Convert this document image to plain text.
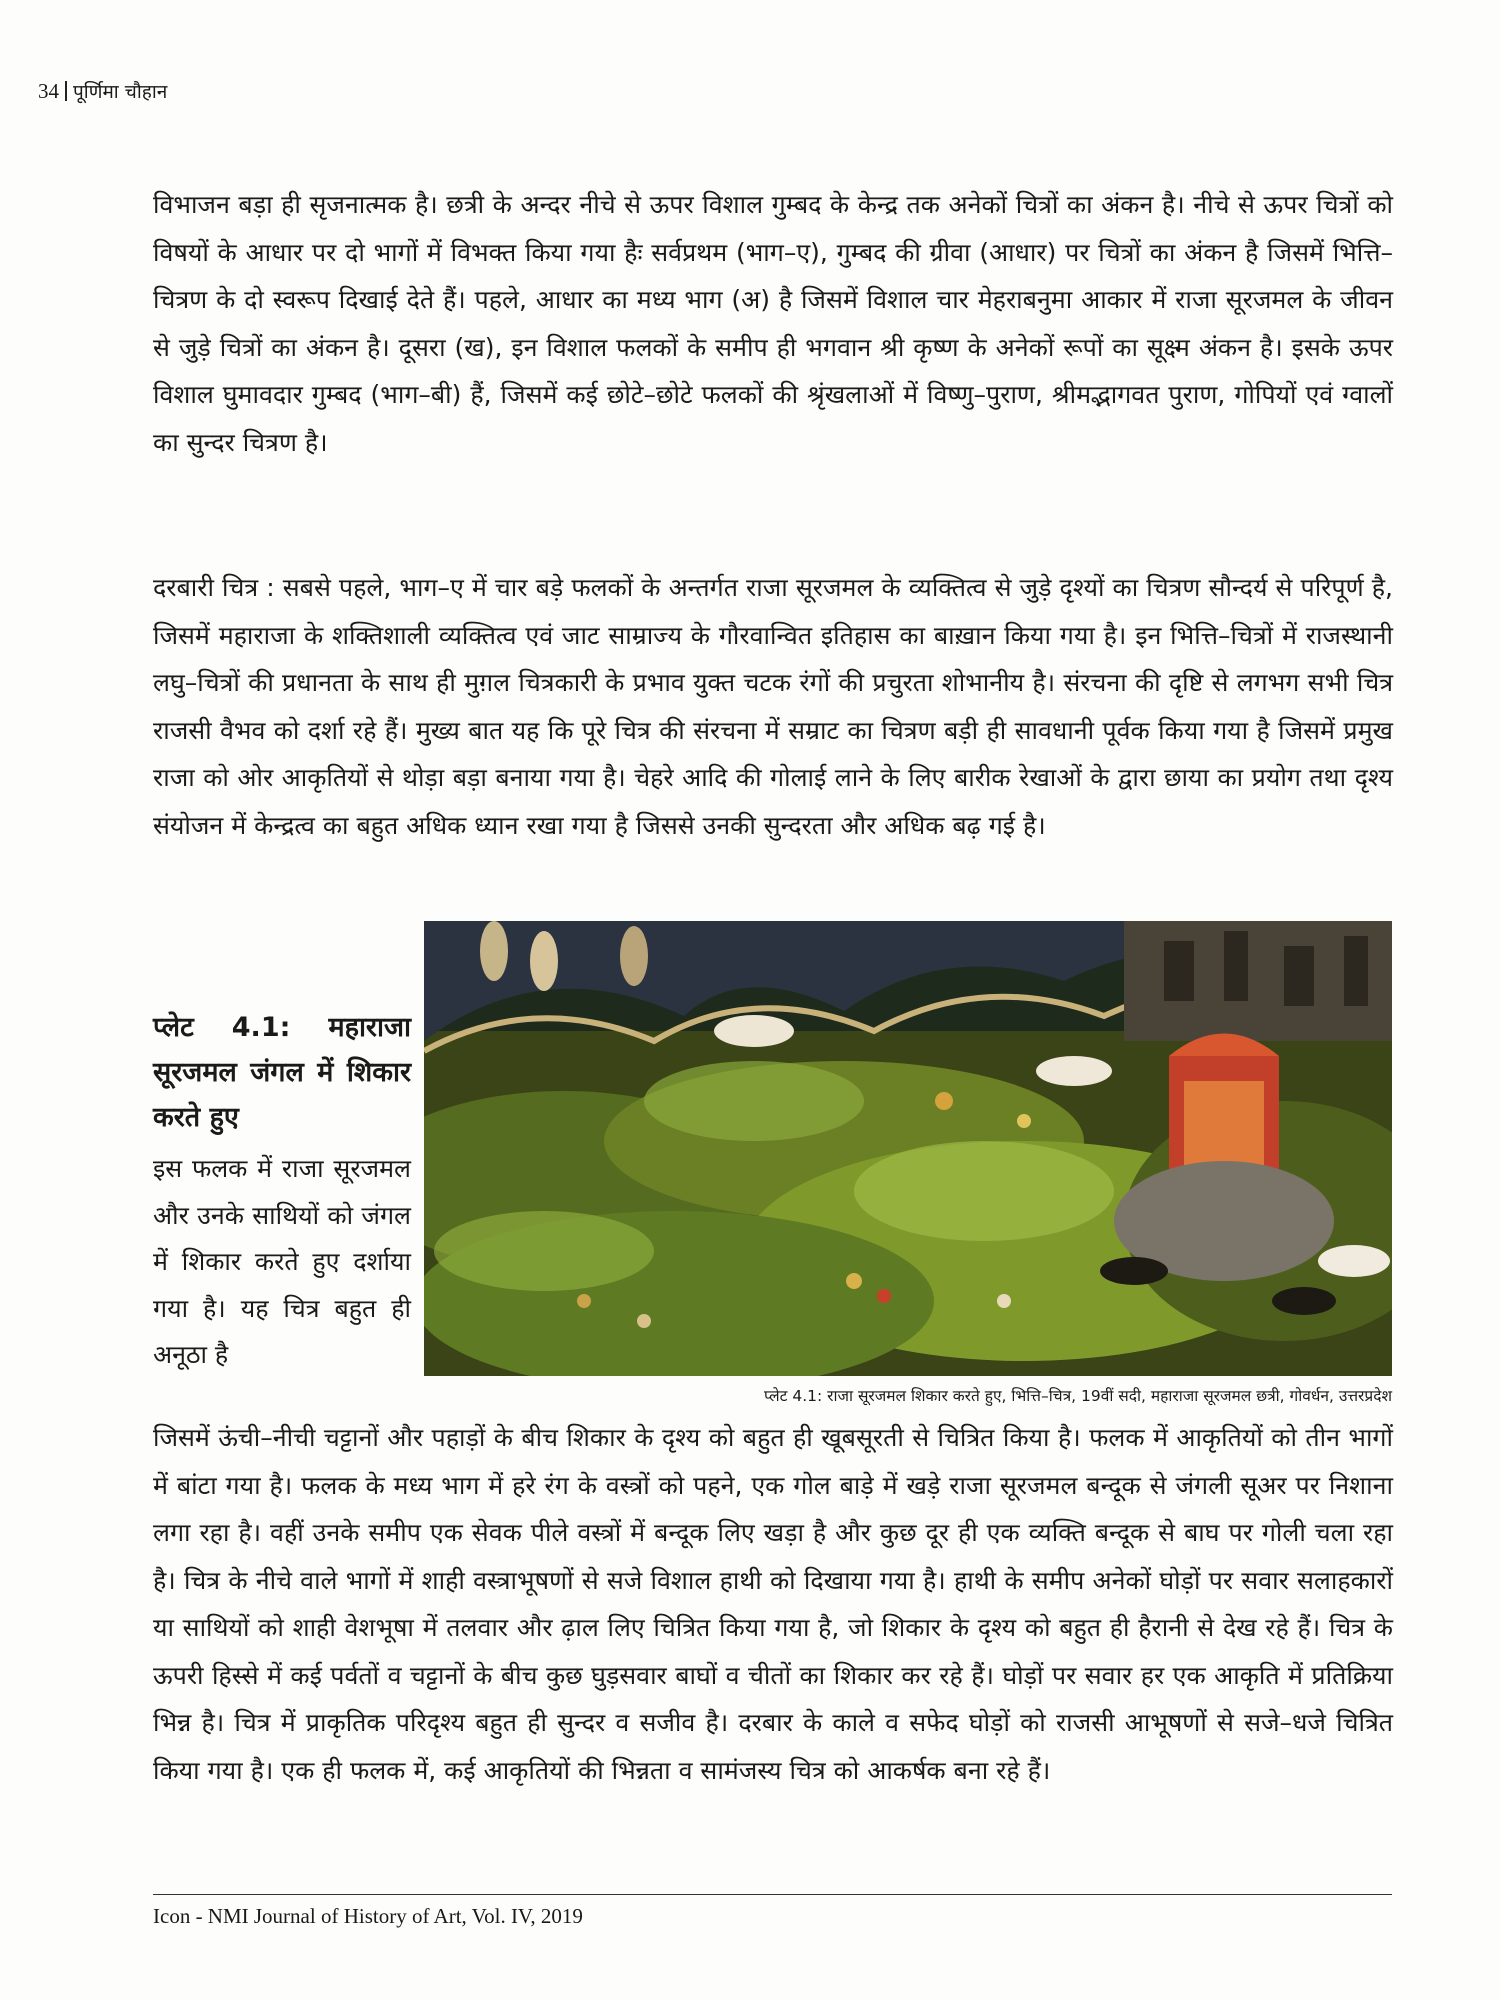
34 पूर्णिमा चौहान

विभाजन बड़ा ही सृजनात्मक है। छत्री के अन्दर नीचे से ऊपर विशाल गुम्बद के केन्द्र तक अनेकों चित्रों का अंकन है। नीचे से ऊपर चित्रों को विषयों के आधार पर दो भागों में विभक्त किया गया हैः सर्वप्रथम (भाग–ए), गुम्बद की ग्रीवा (आधार) पर चित्रों का अंकन है जिसमें भित्ति–चित्रण के दो स्वरूप दिखाई देते हैं। पहले, आधार का मध्य भाग (अ) है जिसमें विशाल चार मेहराबनुमा आकार में राजा सूरजमल के जीवन से जुड़े चित्रों का अंकन है। दूसरा (ख), इन विशाल फलकों के समीप ही भगवान श्री कृष्ण के अनेकों रूपों का सूक्ष्म अंकन है। इसके ऊपर विशाल घुमावदार गुम्बद (भाग–बी) हैं, जिसमें कई छोटे–छोटे फलकों की श्रृंखलाओं में विष्णु–पुराण, श्रीमद्भागवत पुराण, गोपियों एवं ग्वालों का सुन्दर चित्रण है।

दरबारी चित्र : सबसे पहले, भाग–ए में चार बड़े फलकों के अन्तर्गत राजा सूरजमल के व्यक्तित्व से जुड़े दृश्यों का चित्रण सौन्दर्य से परिपूर्ण है, जिसमें महाराजा के शक्तिशाली व्यक्तित्व एवं जाट साम्राज्य के गौरवान्वित इतिहास का बाख़ान किया गया है। इन भित्ति–चित्रों में राजस्थानी लघु–चित्रों की प्रधानता के साथ ही मुग़ल चित्रकारी के प्रभाव युक्त चटक रंगों की प्रचुरता शोभानीय है। संरचना की दृष्टि से लगभग सभी चित्र राजसी वैभव को दर्शा रहे हैं। मुख्य बात यह कि पूरे चित्र की संरचना में सम्राट का चित्रण बड़ी ही सावधानी पूर्वक किया गया है जिसमें प्रमुख राजा को ओर आकृतियों से थोड़ा बड़ा बनाया गया है। चेहरे आदि की गोलाई लाने के लिए बारीक रेखाओं के द्वारा छाया का प्रयोग तथा दृश्य संयोजन में केन्द्रत्व का बहुत अधिक ध्यान रखा गया है जिससे उनकी सुन्दरता और अधिक बढ़ गई है।

प्लेट 4.1: राजा सूरजमल शिकार करते हुए, भित्ति–चित्र, 19वीं सदी, महाराजा सूरजमल छत्री, गोवर्धन, उत्तरप्रदेश

प्लेट 4.1: महाराजा सूरजमल जंगल में शिकार करते हुए

इस फलक में राजा सूरजमल और उनके साथियों को जंगल में शिकार करते हुए दर्शाया गया है। यह चित्र बहुत ही अनूठा है

जिसमें ऊंची–नीची चट्टानों और पहाड़ों के बीच शिकार के दृश्य को बहुत ही खूबसूरती से चित्रित किया है। फलक में आकृतियों को तीन भागों में बांटा गया है। फलक के मध्य भाग में हरे रंग के वस्त्रों को पहने, एक गोल बाड़े में खड़े राजा सूरजमल बन्दूक से जंगली सूअर पर निशाना लगा रहा है। वहीं उनके समीप एक सेवक पीले वस्त्रों में बन्दूक लिए खड़ा है और कुछ दूर ही एक व्यक्ति बन्दूक से बाघ पर गोली चला रहा है। चित्र के नीचे वाले भागों में शाही वस्त्राभूषणों से सजे विशाल हाथी को दिखाया गया है। हाथी के समीप अनेकों घोड़ों पर सवार सलाहकारों या साथियों को शाही वेशभूषा में तलवार और ढ़ाल लिए चित्रित किया गया है, जो शिकार के दृश्य को बहुत ही हैरानी से देख रहे हैं। चित्र के ऊपरी हिस्से में कई पर्वतों व चट्टानों के बीच कुछ घुड़सवार बाघों व चीतों का शिकार कर रहे हैं। घोड़ों पर सवार हर एक आकृति में प्रतिक्रिया भिन्न है। चित्र में प्राकृतिक परिदृश्य बहुत ही सुन्दर व सजीव है। दरबार के काले व सफेद घोड़ों को राजसी आभूषणों से सजे–धजे चित्रित किया गया है। एक ही फलक में, कई आकृतियों की भिन्नता व सामंजस्य चित्र को आकर्षक बना रहे हैं।

Icon - NMI Journal of History of Art, Vol. IV, 2019
